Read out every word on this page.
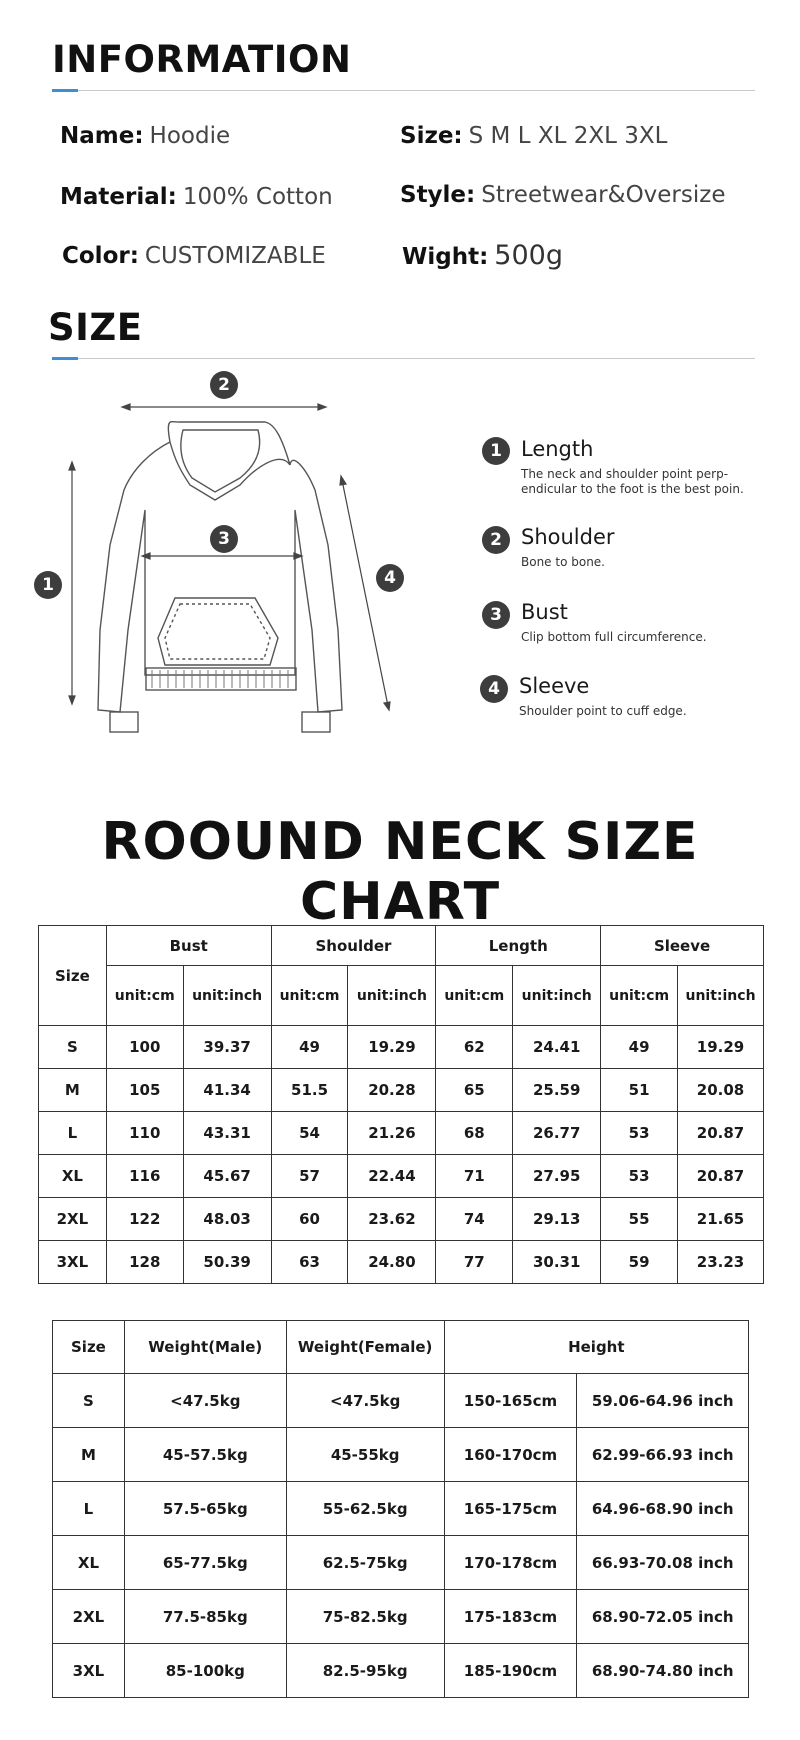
INFORMATION
Name: Hoodie	Size: S M L XL 2XL 3XL
Material: 100% Cotton	Style: Streetwear&Oversize
Color: CUSTOMIZABLE	Wight: 500g
SIZE
2
3
1	4
1 Length
The neck and shoulder point perp-
endicular to the foot is the best poin.
2 Shoulder
Bone to bone.
3 Bust
Clip bottom full circumference.
4 Sleeve
Shoulder point to cuff edge.
ROOUND NECK SIZE CHART
Size	Bust		Shoulder		Length		Sleeve	
	unit:cm	unit:inch	unit:cm	unit:inch	unit:cm	unit:inch	unit:cm	unit:inch
S	100	39.37	49	19.29	62	24.41	49	19.29
M	105	41.34	51.5	20.28	65	25.59	51	20.08
L	110	43.31	54	21.26	68	26.77	53	20.87
XL	116	45.67	57	22.44	71	27.95	53	20.87
2XL	122	48.03	60	23.62	74	29.13	55	21.65
3XL	128	50.39	63	24.80	77	30.31	59	23.23
Size	Weight(Male)	Weight(Female)	Height	
S	<47.5kg	<47.5kg	150-165cm	59.06-64.96 inch
M	45-57.5kg	45-55kg	160-170cm	62.99-66.93 inch
L	57.5-65kg	55-62.5kg	165-175cm	64.96-68.90 inch
XL	65-77.5kg	62.5-75kg	170-178cm	66.93-70.08 inch
2XL	77.5-85kg	75-82.5kg	175-183cm	68.90-72.05 inch
3XL	85-100kg	82.5-95kg	185-190cm	68.90-74.80 inch
